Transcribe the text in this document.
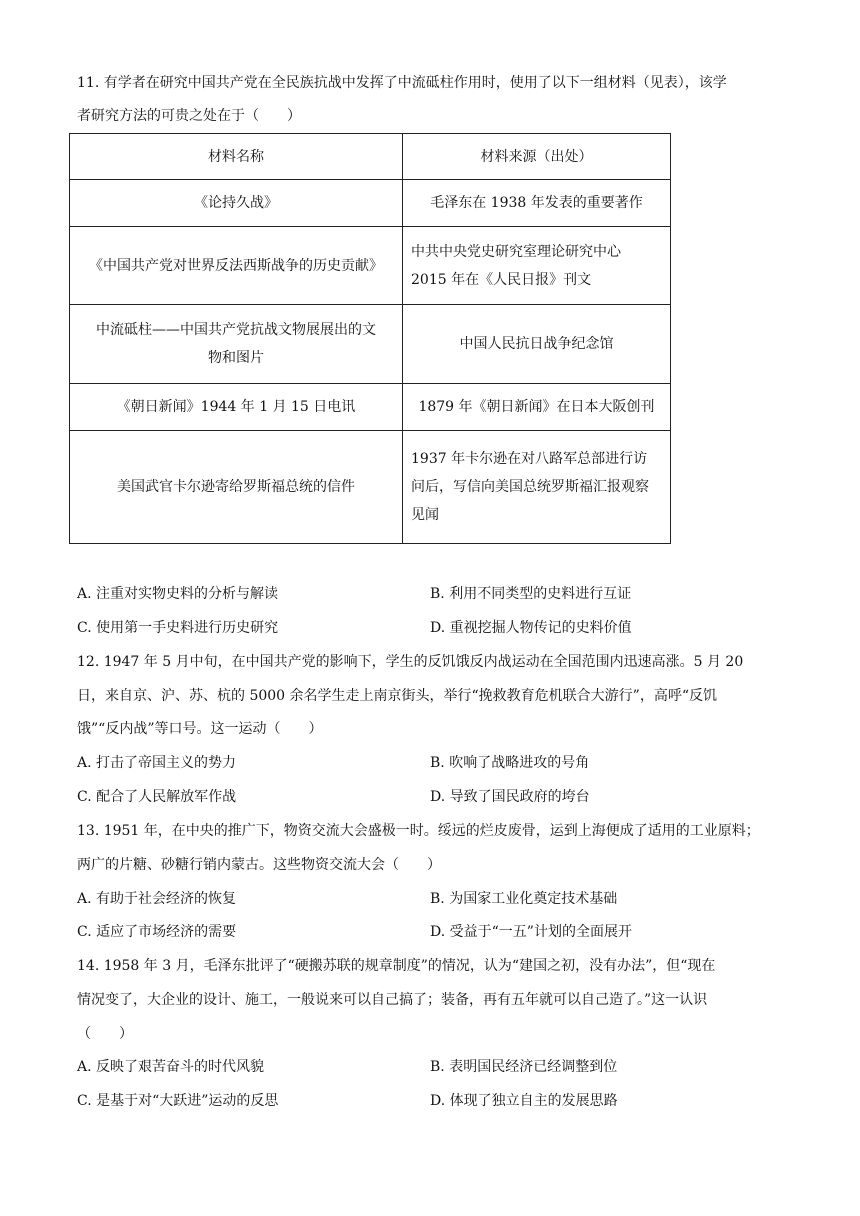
11. 有学者在研究中国共产党在全民族抗战中发挥了中流砥柱作用时，使用了以下一组材料（见表），该学
者研究方法的可贵之处在于（　　）
材料名称	材料来源（出处）
《论持久战》	毛泽东在 1938 年发表的重要著作
《中国共产党对世界反法西斯战争的历史贡献》	中共中央党史研究室理论研究中心
2015 年在《人民日报》刊文

中流砥柱——中国共产党抗战文物展展出的文
物和图片	中国人民抗日战争纪念馆
《朝日新闻》1944 年 1 月 15 日电讯	1879 年《朝日新闻》在日本大阪创刊
美国武官卡尔逊寄给罗斯福总统的信件	1937 年卡尔逊在对八路军总部进行访
问后，写信向美国总统罗斯福汇报观察
见闻
A. 注重对实物史料的分析与解读	B. 利用不同类型的史料进行互证
C. 使用第一手史料进行历史研究	D. 重视挖掘人物传记的史料价值
12. 1947 年 5 月中旬，在中国共产党的影响下，学生的反饥饿反内战运动在全国范围内迅速高涨。5 月 20
日，来自京、沪、苏、杭的 5000 余名学生走上南京街头，举行“挽救教育危机联合大游行”，高呼“反饥
饿”“反内战”等口号。这一运动（　　）
A. 打击了帝国主义的势力	B. 吹响了战略进攻的号角
C. 配合了人民解放军作战	D. 导致了国民政府的垮台
13. 1951 年，在中央的推广下，物资交流大会盛极一时。绥远的烂皮废骨，运到上海便成了适用的工业原料；
两广的片糖、砂糖行销内蒙古。这些物资交流大会（　　）
A. 有助于社会经济的恢复	B. 为国家工业化奠定技术基础
C. 适应了市场经济的需要	D. 受益于“一五”计划的全面展开
14. 1958 年 3 月，毛泽东批评了“硬搬苏联的规章制度”的情况，认为“建国之初，没有办法”，但“现在
情况变了，大企业的设计、施工，一般说来可以自己搞了；装备，再有五年就可以自己造了。”这一认识
（　　）
A. 反映了艰苦奋斗的时代风貌	B. 表明国民经济已经调整到位
C. 是基于对“大跃进”运动的反思	D. 体现了独立自主的发展思路
